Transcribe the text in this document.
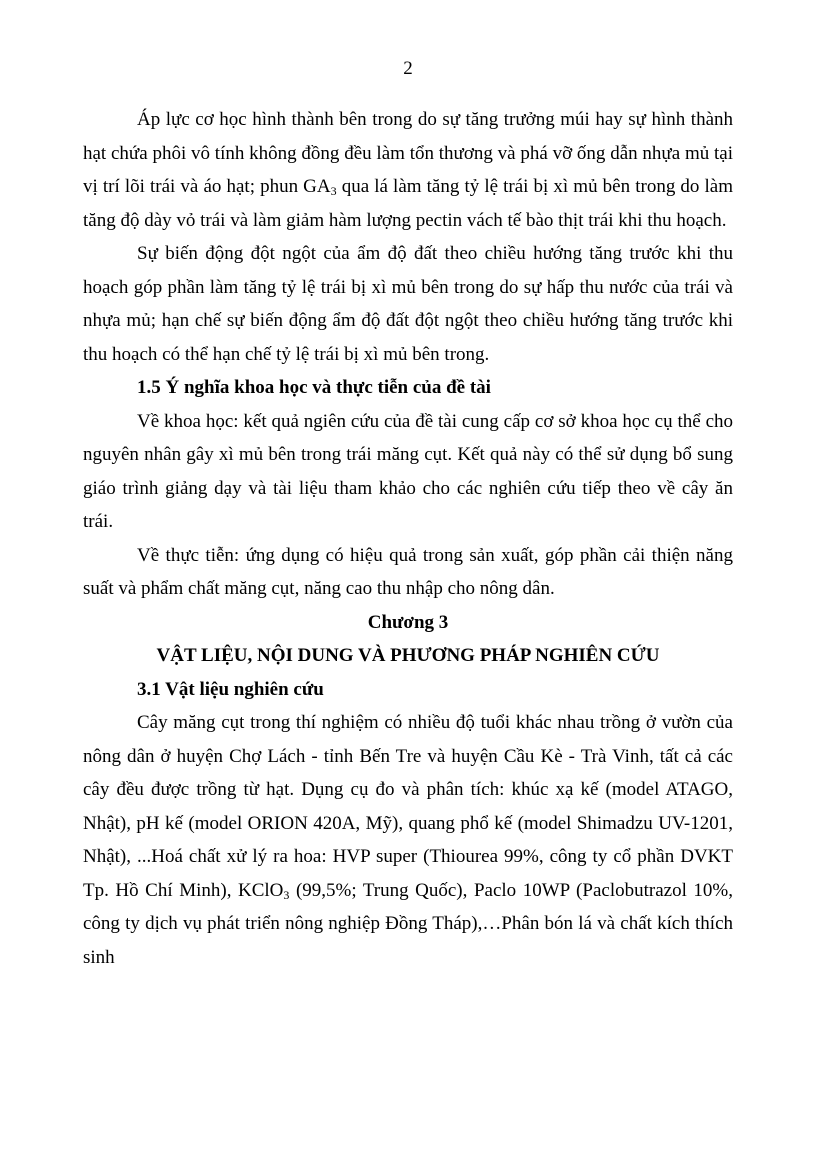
2

Áp lực cơ học hình thành bên trong do sự tăng trưởng múi hay sự hình thành hạt chứa phôi vô tính không đồng đều làm tổn thương và phá vỡ ống dẫn nhựa mủ tại vị trí lõi trái và áo hạt; phun $GA_3$ qua lá làm tăng tỷ lệ trái bị xì mủ bên trong do làm tăng độ dày vỏ trái và làm giảm hàm lượng pectin vách tế bào thịt trái khi thu hoạch.

Sự biến động đột ngột của ẩm độ đất theo chiều hướng tăng trước khi thu hoạch góp phần làm tăng tỷ lệ trái bị xì mủ bên trong do sự hấp thu nước của trái và nhựa mủ; hạn chế sự biến động ẩm độ đất đột ngột theo chiều hướng tăng trước khi thu hoạch có thể hạn chế tỷ lệ trái bị xì mủ bên trong.

1.5 Ý nghĩa khoa học và thực tiễn của đề tài

Về khoa học: kết quả ngiên cứu của đề tài cung cấp cơ sở khoa học cụ thể cho nguyên nhân gây xì mủ bên trong trái măng cụt. Kết quả này có thể sử dụng bổ sung giáo trình giảng dạy và tài liệu tham khảo cho các nghiên cứu tiếp theo về cây ăn trái.

Về thực tiễn: ứng dụng có hiệu quả trong sản xuất, góp phần cải thiện năng suất và phẩm chất măng cụt, năng cao thu nhập cho nông dân.

Chương 3

VẬT LIỆU, NỘI DUNG VÀ PHƯƠNG PHÁP NGHIÊN CỨU

3.1 Vật liệu nghiên cứu

Cây măng cụt trong thí nghiệm có nhiều độ tuổi khác nhau trồng ở vườn của nông dân ở huyện Chợ Lách - tỉnh Bến Tre và huyện Cầu Kè - Trà Vinh, tất cả các cây đều được trồng từ hạt. Dụng cụ đo và phân tích: khúc xạ kế (model ATAGO, Nhật), pH kế (model ORION 420A, Mỹ), quang phổ kế (model Shimadzu UV-1201, Nhật), ...Hoá chất xử lý ra hoa: HVP super (Thiourea 99%, công ty cổ phần DVKT Tp. Hồ Chí Minh), KClO$_3$ (99,5%; Trung Quốc), Paclo 10WP (Paclobutrazol 10%, công ty dịch vụ phát triển nông nghiệp Đồng Tháp),…Phân bón lá và chất kích thích sinh
